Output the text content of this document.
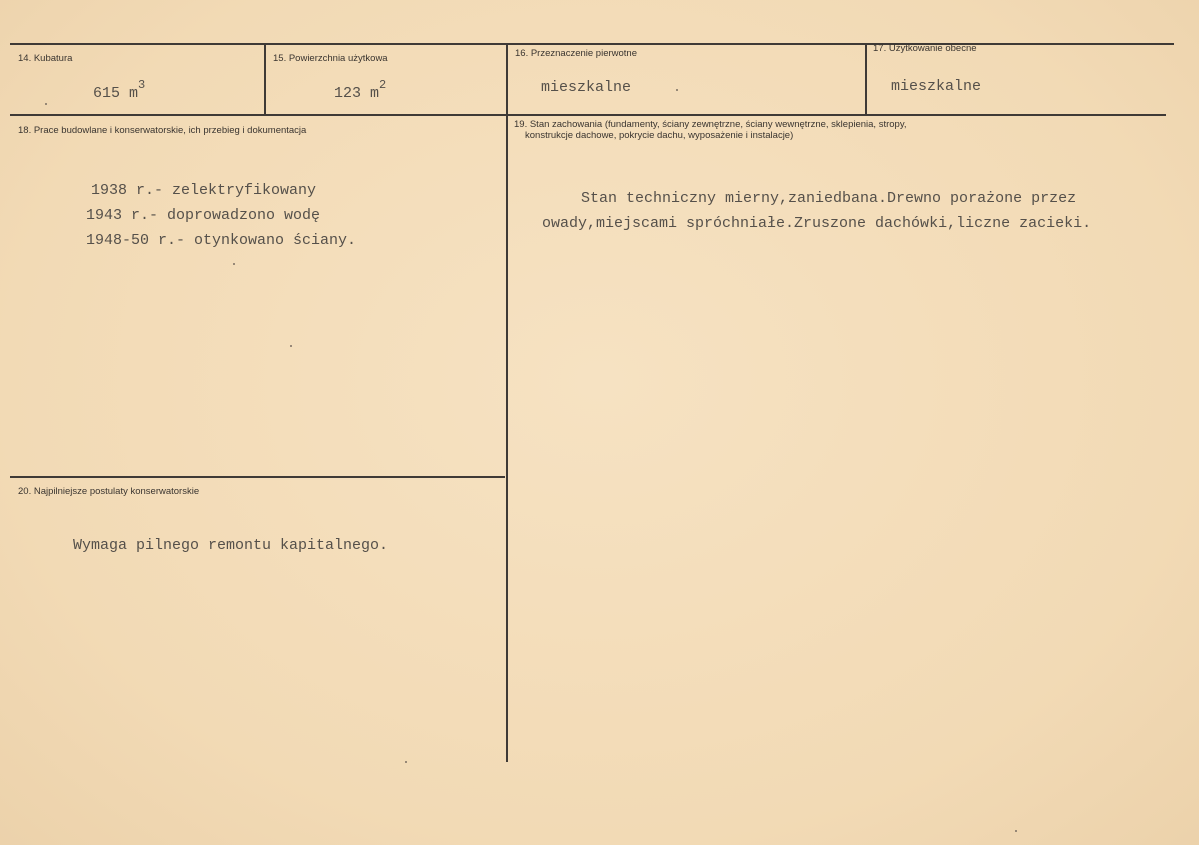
14. Kubatura
615 $m^3$
15. Powierzchnia użytkowa
123 $m^2$
16. Przeznaczenie pierwotne
mieszkalne
17. Użytkowanie obecne
mieszkalne
18. Prace budowlane i konserwatorskie, ich przebieg i dokumentacja
1938 r.- zelektryfikowany
1943 r.- doprowadzono wodę
1948-50 r.- otynkowano ściany.
19. Stan zachowania (fundamenty, ściany zewnętrzne, ściany wewnętrzne, sklepienia, stropy,
konstrukcje dachowe, pokrycie dachu, wyposażenie i instalacje)
Stan techniczny mierny,zaniedbana.Drewno porażone przez
owady,miejscami spróchniałe.Zruszone dachówki,liczne zacieki.
20. Najpilniejsze postulaty konserwatorskie
Wymaga pilnego remontu kapitalnego.
